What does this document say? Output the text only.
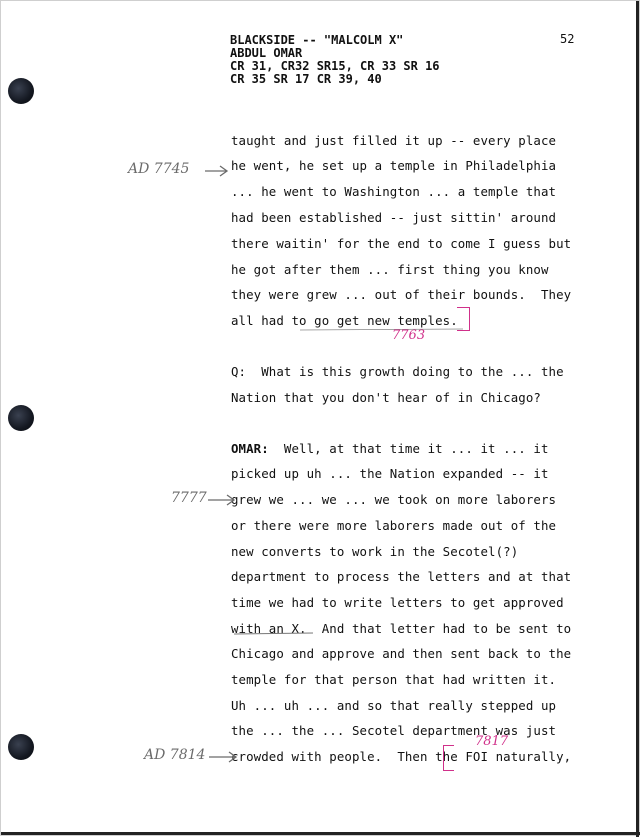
BLACKSIDE -- "MALCOLM X"
ABDUL OMAR
CR 31, CR32 SR15, CR 33 SR 16
CR 35 SR 17 CR 39, 40
52
taught and just filled it up -- every place
he went, he set up a temple in Philadelphia
... he went to Washington ... a temple that
had been established -- just sittin' around
there waitin' for the end to come I guess but
he got after them ... first thing you know
they were grew ... out of their bounds.  They
all had to go get new temples.
Q:  What is this growth doing to the ... the
Nation that you don't hear of in Chicago?
OMAR:  Well, at that time it ... it ... it
picked up uh ... the Nation expanded -- it
grew we ... we ... we took on more laborers
or there were more laborers made out of the
new converts to work in the Secotel(?)
department to process the letters and at that
time we had to write letters to get approved
with an X.  And that letter had to be sent to
Chicago and approve and then sent back to the
temple for that person that had written it.
Uh ... uh ... and so that really stepped up
the ... the ... Secotel department was just
crowded with people.  Then the FOI naturally,
AD 7745
7777
AD 7814
7763
7817
